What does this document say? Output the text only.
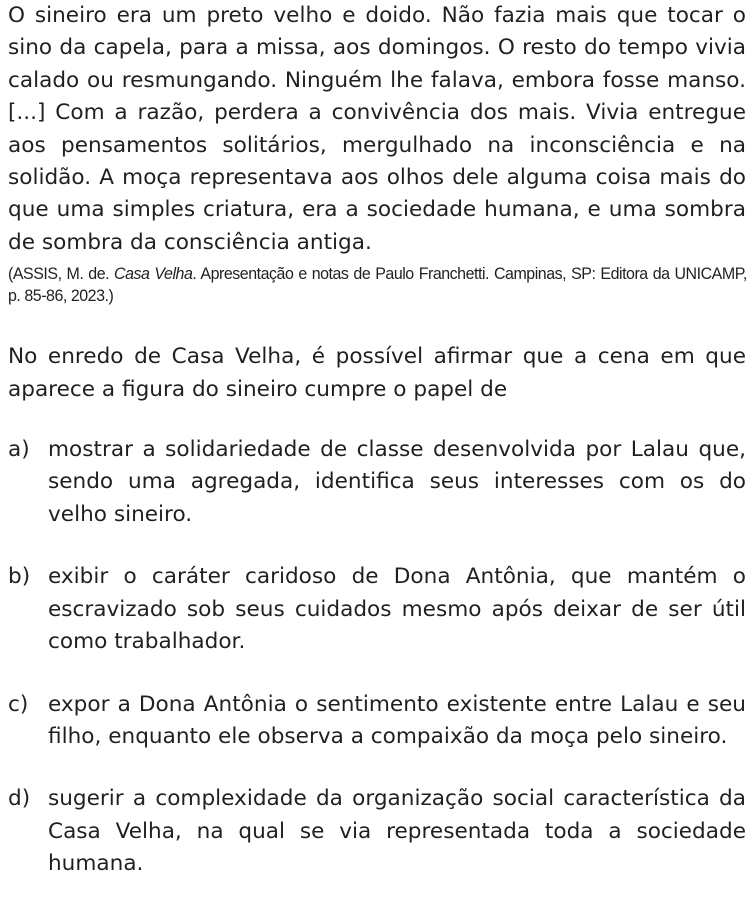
O sineiro era um preto velho e doido. Não fazia mais que tocar o sino da capela, para a missa, aos domingos. O resto do tempo vivia calado ou resmungando. Ninguém lhe falava, embora fosse manso. [...] Com a razão, perdera a convivência dos mais. Vivia entregue aos pensamentos solitários, mergulhado na inconsciência e na solidão. A moça representava aos olhos dele alguma coisa mais do que uma simples criatura, era a sociedade humana, e uma sombra de sombra da consciência antiga.

(ASSIS, M. de. Casa Velha. Apresentação e notas de Paulo Franchetti. Campinas, SP: Editora da UNICAMP, p. 85-86, 2023.)

No enredo de Casa Velha, é possível afirmar que a cena em que aparece a figura do sineiro cumpre o papel de

a) mostrar a solidariedade de classe desenvolvida por Lalau que, sendo uma agregada, identifica seus interesses com os do velho sineiro.
b) exibir o caráter caridoso de Dona Antônia, que mantém o escravizado sob seus cuidados mesmo após deixar de ser útil como trabalhador.
c) expor a Dona Antônia o sentimento existente entre Lalau e seu filho, enquanto ele observa a compaixão da moça pelo sineiro.
d) sugerir a complexidade da organização social característica da Casa Velha, na qual se via representada toda a sociedade humana.
